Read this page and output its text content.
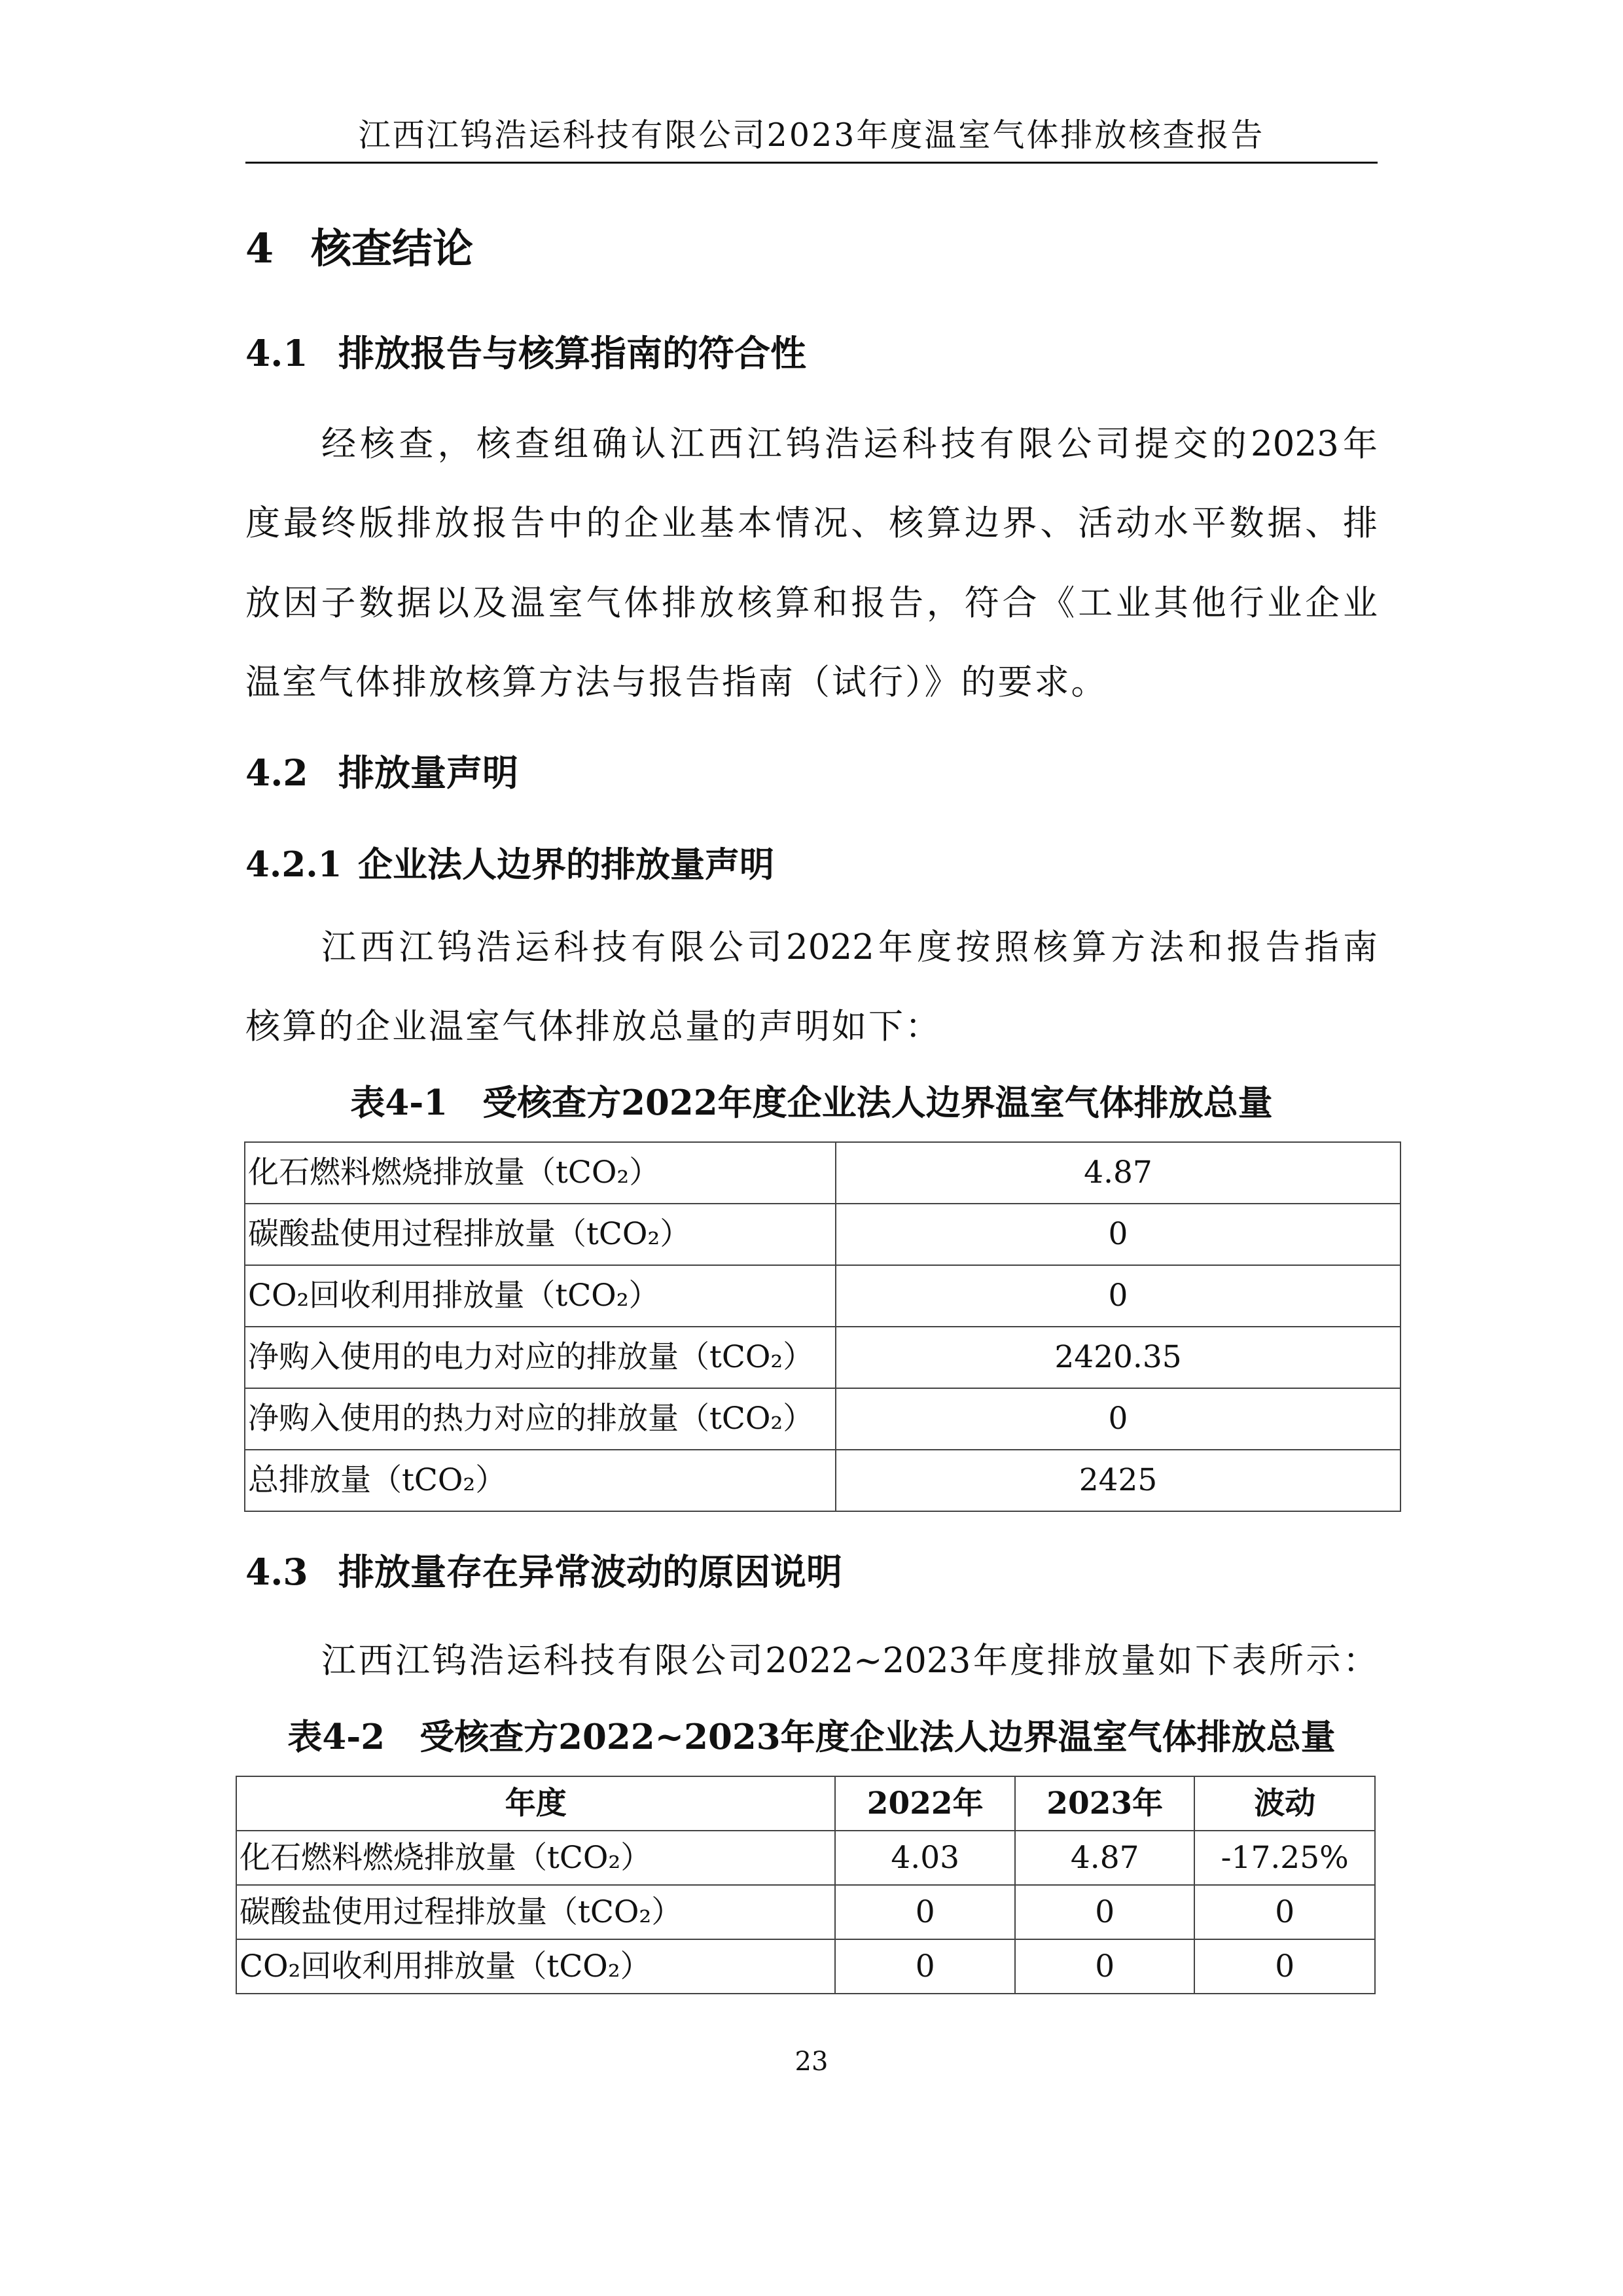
江西江钨浩运科技有限公司2023年度温室气体排放核查报告
4 核查结论
4.1 排放报告与核算指南的符合性
经核查，核查组确认江西江钨浩运科技有限公司提交的2023年
度最终版排放报告中的企业基本情况、核算边界、活动水平数据、排
放因子数据以及温室气体排放核算和报告，符合《工业其他行业企业
温室气体排放核算方法与报告指南（试行）》的要求。
4.2 排放量声明
4.2.1 企业法人边界的排放量声明
江西江钨浩运科技有限公司2022年度按照核算方法和报告指南
核算的企业温室气体排放总量的声明如下：
表4-1　受核查方2022年度企业法人边界温室气体排放总量
化石燃料燃烧排放量（tCO₂）	4.87
碳酸盐使用过程排放量（tCO₂）	0
CO₂回收利用排放量（tCO₂）	0
净购入使用的电力对应的排放量（tCO₂）	2420.35
净购入使用的热力对应的排放量（tCO₂）	0
总排放量（tCO₂）	2425
4.3 排放量存在异常波动的原因说明
江西江钨浩运科技有限公司2022~2023年度排放量如下表所示：
表4-2　受核查方2022~2023年度企业法人边界温室气体排放总量
年度	2022年	2023年	波动
化石燃料燃烧排放量（tCO₂）	4.03	4.87	-17.25%
碳酸盐使用过程排放量（tCO₂）	0	0	0
CO₂回收利用排放量（tCO₂）	0	0	0
23
